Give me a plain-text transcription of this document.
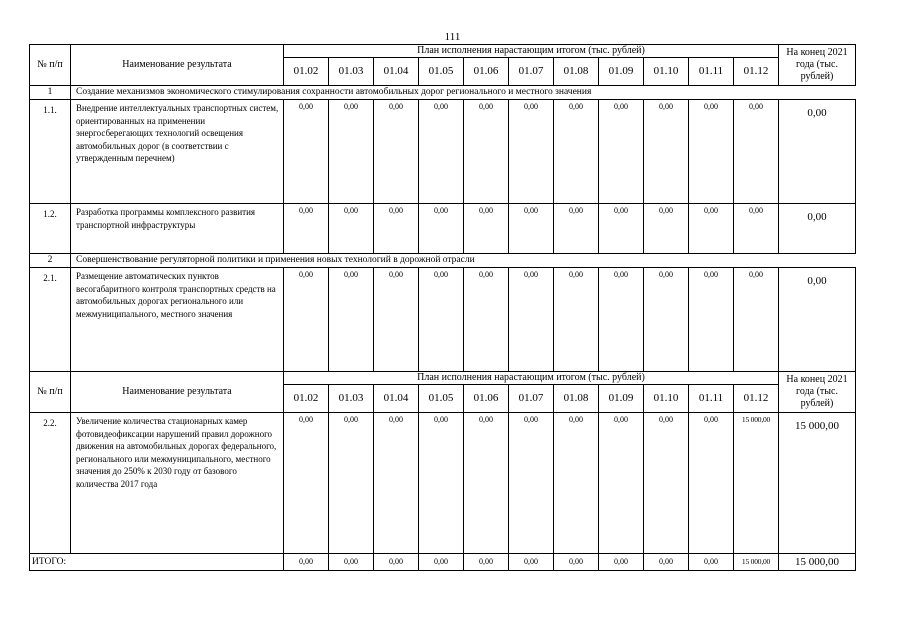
111
№ п/п	Наименование результата	План исполнения нарастающим итогом (тыс. рублей)											На конец 2021 года (тыс. рублей)
		01.02	01.03	01.04	01.05	01.06	01.07	01.08	01.09	01.10	01.11	01.12	
1	Создание механизмов экономического стимулирования сохранности автомобильных дорог регионального и местного значения												
1.1.	Внедрение интеллектуальных транспортных систем, ориентированных на применении энергосберегающих технологий освещения автомобильных дорог (в соответствии с утвержденным перечнем)	0,00	0,00	0,00	0,00	0,00	0,00	0,00	0,00	0,00	0,00	0,00	0,00
1.2.	Разработка программы комплексного развития транспортной инфраструктуры	0,00	0,00	0,00	0,00	0,00	0,00	0,00	0,00	0,00	0,00	0,00	0,00
2	Совершенствование регуляторной политики и применения новых технологий в дорожной отрасли												
2.1.	Размещение автоматических пунктов весогабаритного контроля транспортных средств на автомобильных дорогах регионального или межмуниципального, местного значения	0,00	0,00	0,00	0,00	0,00	0,00	0,00	0,00	0,00	0,00	0,00	0,00
№ п/п	Наименование результата	План исполнения нарастающим итогом (тыс. рублей)											На конец 2021 года (тыс. рублей)
		01.02	01.03	01.04	01.05	01.06	01.07	01.08	01.09	01.10	01.11	01.12	
2.2.	Увеличение количества стационарных камер фотовидеофиксации нарушений правил дорожного движения на автомобильных дорогах федерального, регионального или межмуниципального, местного значения до 250% к 2030 году от базового количества 2017 года	0,00	0,00	0,00	0,00	0,00	0,00	0,00	0,00	0,00	0,00	15 000,00	15 000,00
ИТОГО:		0,00	0,00	0,00	0,00	0,00	0,00	0,00	0,00	0,00	0,00	15 000,00	15 000,00
